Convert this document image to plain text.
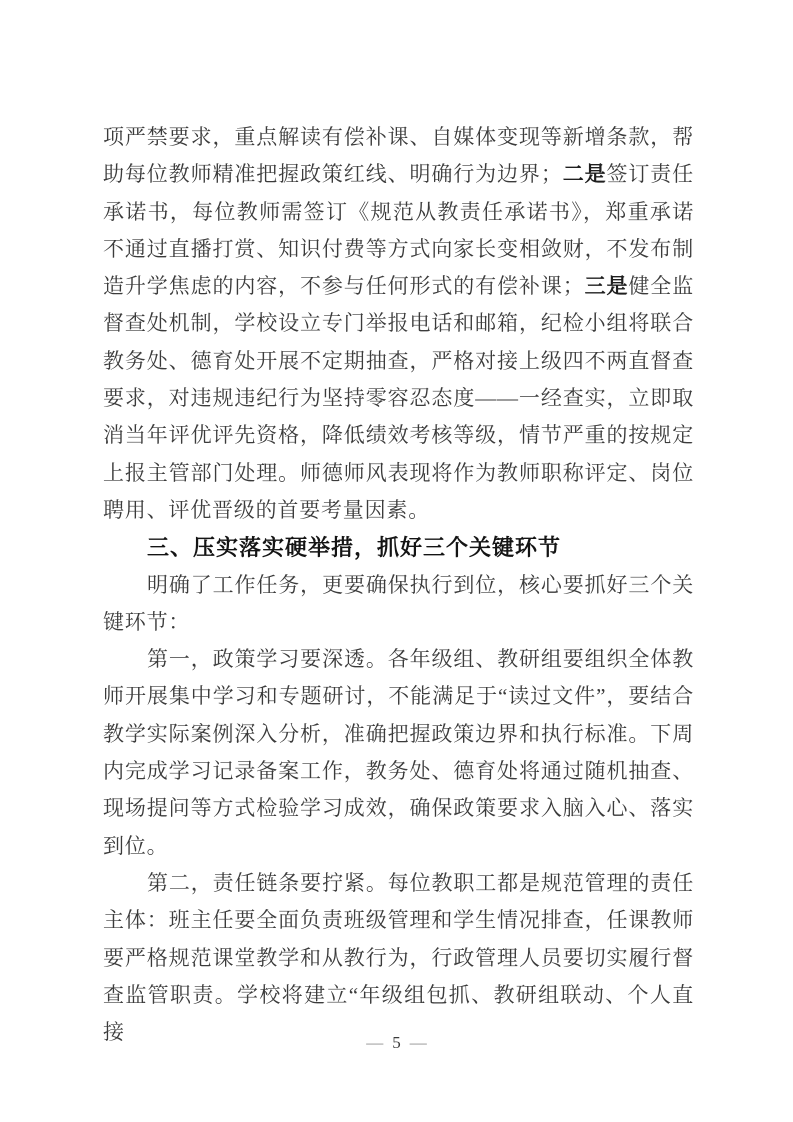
项严禁要求，重点解读有偿补课、自媒体变现等新增条款，帮助每位教师精准把握政策红线、明确行为边界；二是签订责任承诺书，每位教师需签订《规范从教责任承诺书》，郑重承诺不通过直播打赏、知识付费等方式向家长变相敛财，不发布制造升学焦虑的内容，不参与任何形式的有偿补课；三是健全监督查处机制，学校设立专门举报电话和邮箱，纪检小组将联合教务处、德育处开展不定期抽查，严格对接上级四不两直督查要求，对违规违纪行为坚持零容忍态度——一经查实，立即取消当年评优评先资格，降低绩效考核等级，情节严重的按规定上报主管部门处理。师德师风表现将作为教师职称评定、岗位聘用、评优晋级的首要考量因素。

三、压实落实硬举措，抓好三个关键环节

明确了工作任务，更要确保执行到位，核心要抓好三个关键环节：

第一，政策学习要深透。各年级组、教研组要组织全体教师开展集中学习和专题研讨，不能满足于“读过文件”，要结合教学实际案例深入分析，准确把握政策边界和执行标准。下周内完成学习记录备案工作，教务处、德育处将通过随机抽查、现场提问等方式检验学习成效，确保政策要求入脑入心、落实到位。

第二，责任链条要拧紧。每位教职工都是规范管理的责任主体：班主任要全面负责班级管理和学生情况排查，任课教师要严格规范课堂教学和从教行为，行政管理人员要切实履行督查监管职责。学校将建立“年级组包抓、教研组联动、个人直接	— 5 —
